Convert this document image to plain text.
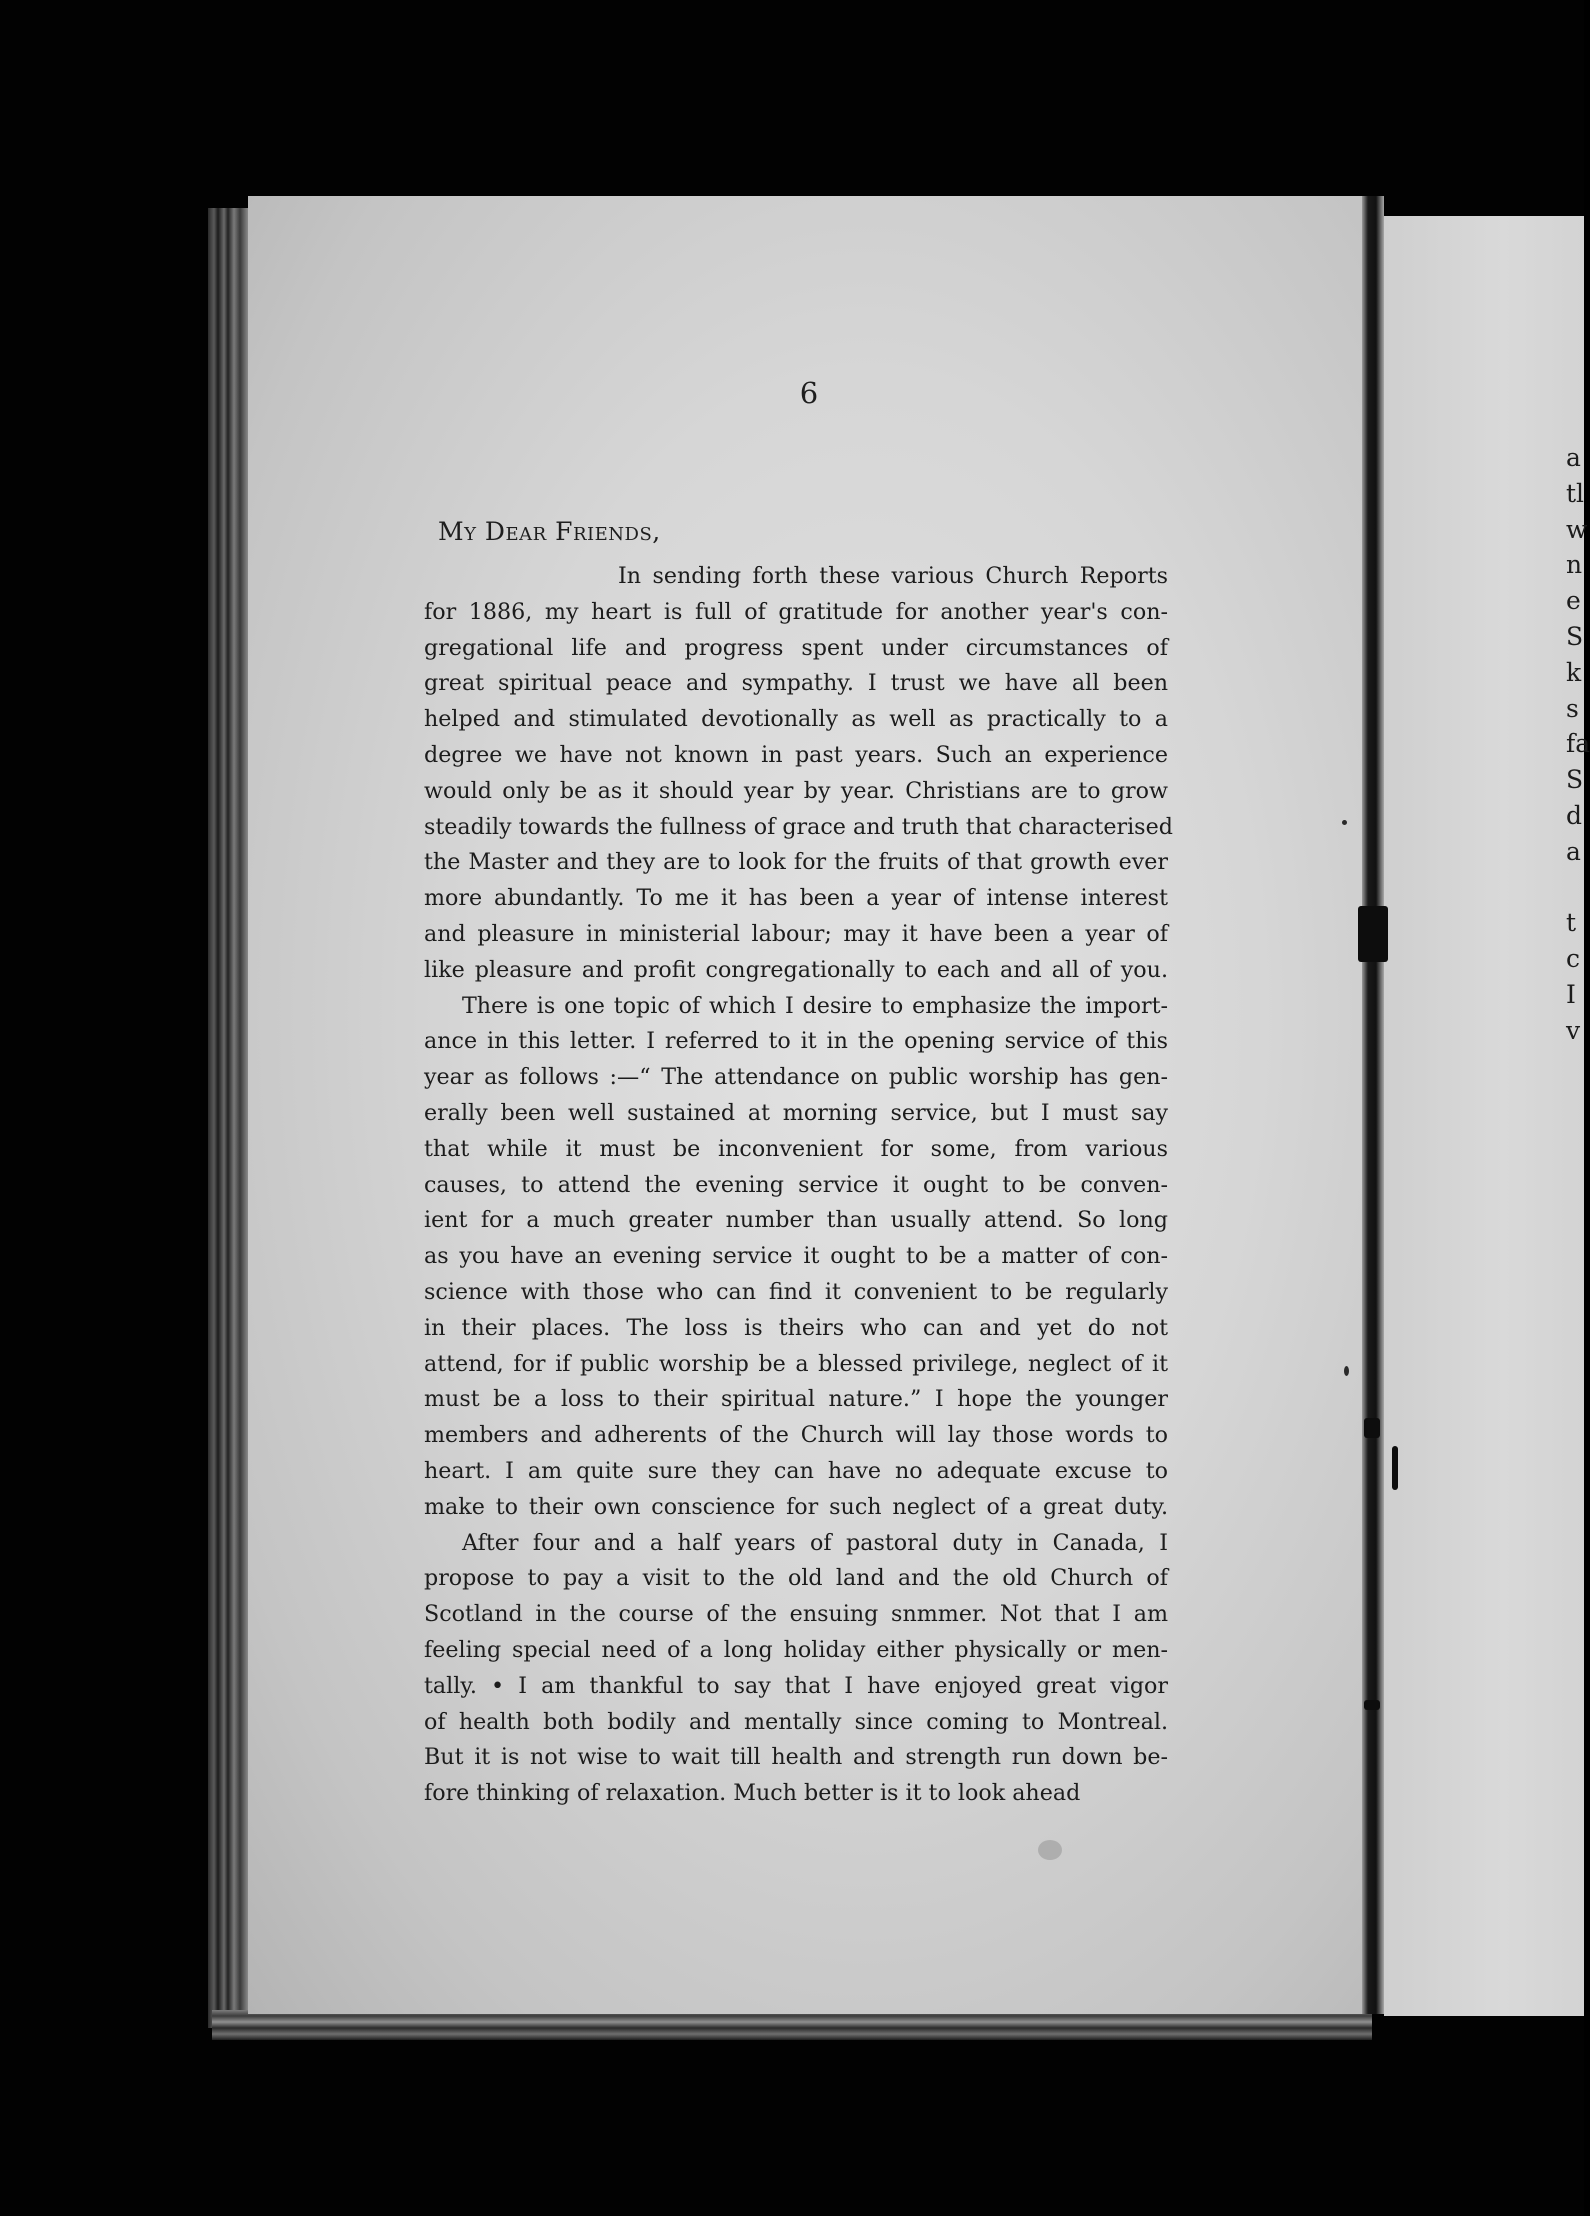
a
tl
w
n
e
S
k
s
fa
S
d
a
t
c
I
v
6
My Dear Friends,
In sending forth these various Church Reports
for 1886, my heart is full of gratitude for another year's con-
gregational life and progress spent under circumstances of
great spiritual peace and sympathy. I trust we have all been
helped and stimulated devotionally as well as practically to a
degree we have not known in past years. Such an experience
would only be as it should year by year. Christians are to grow
steadily towards the fullness of grace and truth that characterised
the Master and they are to look for the fruits of that growth ever
more abundantly. To me it has been a year of intense interest
and pleasure in ministerial labour; may it have been a year of
like pleasure and profit congregationally to each and all of you.
There is one topic of which I desire to emphasize the import-
ance in this letter. I referred to it in the opening service of this
year as follows :—“ The attendance on public worship has gen-
erally been well sustained at morning service, but I must say
that while it must be inconvenient for some, from various
causes, to attend the evening service it ought to be conven-
ient for a much greater number than usually attend. So long
as you have an evening service it ought to be a matter of con-
science with those who can find it convenient to be regularly
in their places. The loss is theirs who can and yet do not
attend, for if public worship be a blessed privilege, neglect of it
must be a loss to their spiritual nature.” I hope the younger
members and adherents of the Church will lay those words to
heart. I am quite sure they can have no adequate excuse to
make to their own conscience for such neglect of a great duty.
After four and a half years of pastoral duty in Canada, I
propose to pay a visit to the old land and the old Church of
Scotland in the course of the ensuing snmmer. Not that I am
feeling special need of a long holiday either physically or men-
tally. • I am thankful to say that I have enjoyed great vigor
of health both bodily and mentally since coming to Montreal.
But it is not wise to wait till health and strength run down be-
fore thinking of relaxation. Much better is it to look ahead
